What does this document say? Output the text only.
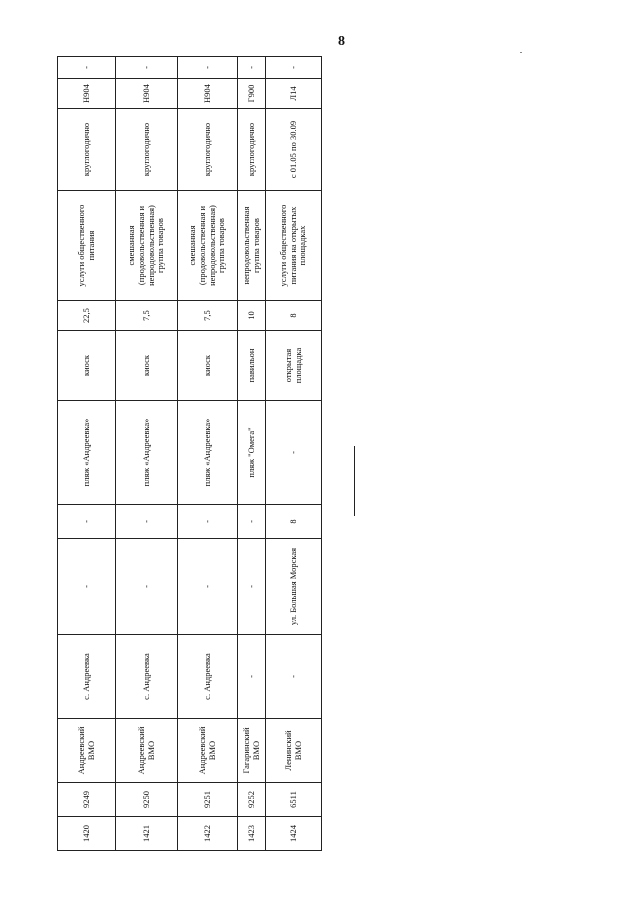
8
1420	9249	Андреевский ВМО	с. Андреевка	-	-	пляж «Андреевка»	киоск	22,5	услуги общественного питания	круглогодично	Н904	-
1421	9250	Андреевский ВМО	с. Андреевка	-	-	пляж «Андреевка»	киоск	7,5	смешанная (продовольственная и непродовольственная) группа товаров	круглогодично	Н904	-
1422	9251	Андреевский ВМО	с. Андреевка	-	-	пляж «Андреевка»	киоск	7,5	смешанная (продовольственная и непродовольственная) группа товаров	круглогодично	Н904	-
1423	9252	Гагаринский ВМО	-	-	-	пляж "Омега"	павильон	10	непродовольственная группа товаров	круглогодично	Г900	-
1424	6511	Ленинский ВМО	-	ул. Большая Морская	8	-	открытая площадка	8	услуги общественного питания на открытых площадках	с 01.05 по 30.09	Л14	-
